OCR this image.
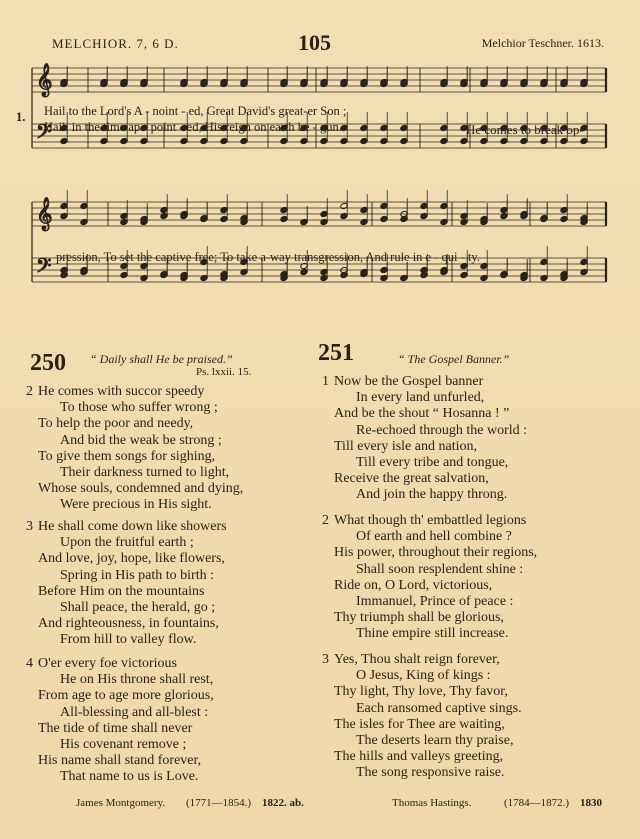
MELCHIOR. 7, 6 D.	105	Melchior Teschner. 1613.
𝄞
𝄢
𝄞
𝄢
1. Hail to the Lord's A - noint - ed, Great David's great-er Son ;
Hail, in the time ap - point - ed, His reign on earth be - gun.	He comes to break op-
pression, To set the captive free; To take a-way transgression, And rule in e - qui - ty.
250 “ Daily shall He be praised.”
Ps. lxxii. 15.
2 He comes with succor speedy
To those who suffer wrong ;
To help the poor and needy,
And bid the weak be strong ;
To give them songs for sighing,
Their darkness turned to light,
Whose souls, condemned and dying,
Were precious in His sight.
3 He shall come down like showers
Upon the fruitful earth ;
And love, joy, hope, like flowers,
Spring in His path to birth :
Before Him on the mountains
Shall peace, the herald, go ;
And righteousness, in fountains,
From hill to valley flow.
4 O'er every foe victorious
He on His throne shall rest,
From age to age more glorious,
All-blessing and all-blest :
The tide of time shall never
His covenant remove ;
His name shall stand forever,
That name to us is Love.
James Montgomery. (1771—1854.) 1822. ab.
251	“ The Gospel Banner.”
1 Now be the Gospel banner
In every land unfurled,
And be the shout “ Hosanna ! ”
Re-echoed through the world :
Till every isle and nation,
Till every tribe and tongue,
Receive the great salvation,
And join the happy throng.
2 What though th' embattled legions
Of earth and hell combine ?
His power, throughout their regions,
Shall soon resplendent shine :
Ride on, O Lord, victorious,
Immanuel, Prince of peace :
Thy triumph shall be glorious,
Thine empire still increase.
3 Yes, Thou shalt reign forever,
O Jesus, King of kings :
Thy light, Thy love, Thy favor,
Each ransomed captive sings.
The isles for Thee are waiting,
The deserts learn thy praise,
The hills and valleys greeting,
The song responsive raise.
Thomas Hastings.	(1784—1872.) 1830
